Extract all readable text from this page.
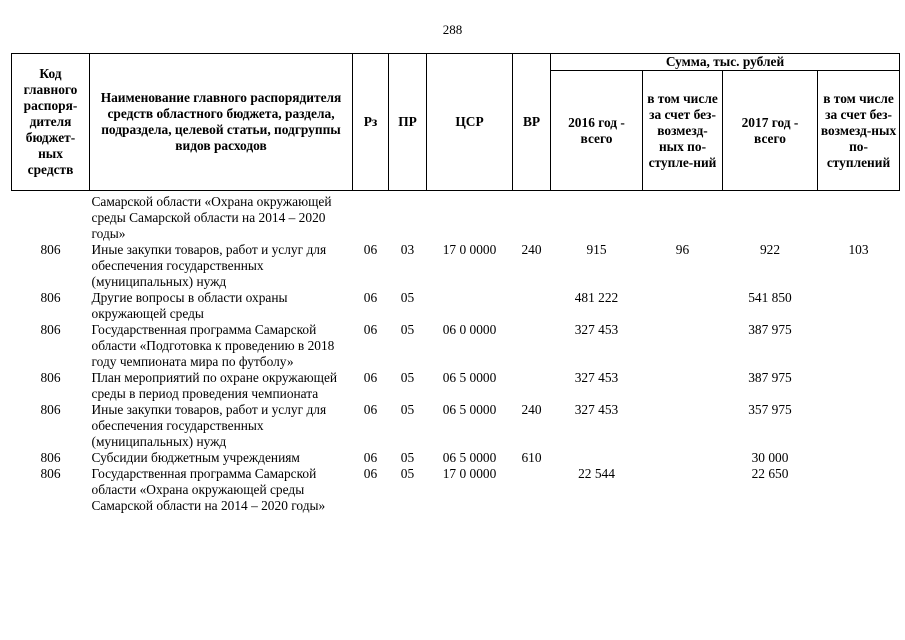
288
Код главного распоря-дителя бюджет-ных средств	Наименование главного распорядителя средств областного бюджета, раздела, подраздела, целевой статьи, подгруппы видов расходов	Рз	ПР	ЦСР	ВР	Сумма, тыс. рублей			
						2016 год - всего	в том числе за счет без-возмезд-ных по-ступле-ний	2017 год - всего	в том числе за счет без-возмезд-ных по-ступлений
	Самарской области «Охрана окружающей среды Самарской области на 2014 – 2020 годы»								
806	Иные закупки товаров, работ и услуг для обеспечения государственных (муниципальных) нужд	06	03	17 0 0000	240	915	96	922	103
806	Другие вопросы в области охраны окружающей среды	06	05			481 222		541 850	
806	Государственная программа Самарской области «Подготовка к проведению в 2018 году чемпионата мира по футболу»	06	05	06 0 0000		327 453		387 975	
806	План мероприятий по охране окружающей среды в период проведения чемпионата	06	05	06 5 0000		327 453		387 975	
806	Иные закупки товаров, работ и услуг для обеспечения государственных (муниципальных) нужд	06	05	06 5 0000	240	327 453		357 975	
806	Субсидии бюджетным учреждениям	06	05	06 5 0000	610			30 000	
806	Государственная программа Самарской области «Охрана окружающей среды Самарской области на 2014 – 2020 годы»	06	05	17 0 0000		22 544		22 650	
